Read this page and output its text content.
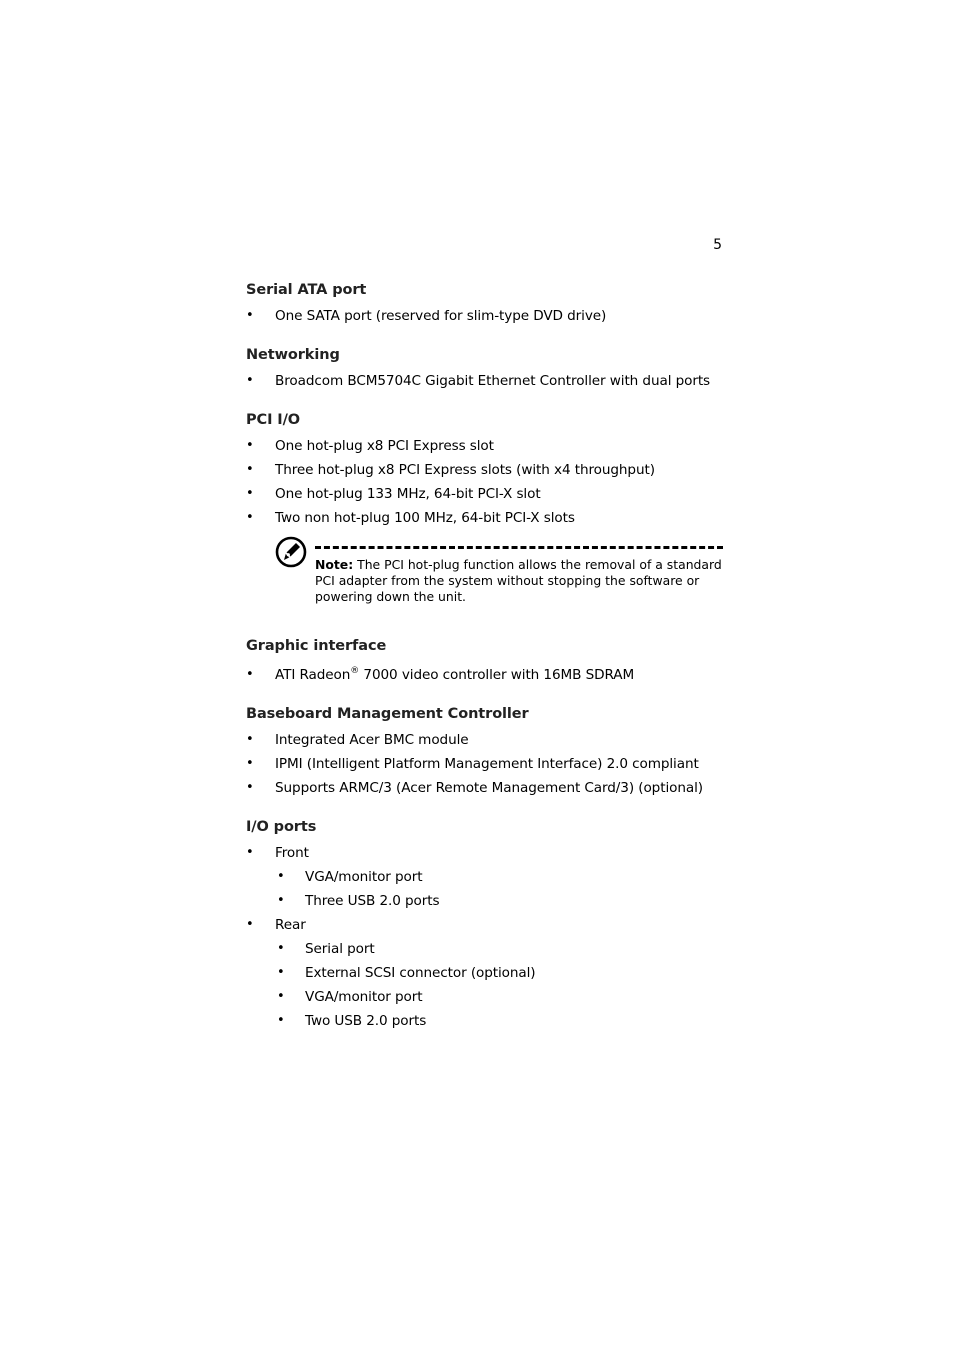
5
Serial ATA port
• One SATA port (reserved for slim-type DVD drive)
Networking
• Broadcom BCM5704C Gigabit Ethernet Controller with dual ports
PCI I/O
• One hot-plug x8 PCI Express slot
• Three hot-plug x8 PCI Express slots (with x4 throughput)
• One hot-plug 133 MHz, 64-bit PCI-X slot
• Two non hot-plug 100 MHz, 64-bit PCI-X slots
Note: The PCI hot-plug function allows the removal of a standard PCI adapter from the system without stopping the software or powering down the unit.
Graphic interface
• ATI Radeon® 7000 video controller with 16MB SDRAM
Baseboard Management Controller
• Integrated Acer BMC module
• IPMI (Intelligent Platform Management Interface) 2.0 compliant
• Supports ARMC/3 (Acer Remote Management Card/3) (optional)
I/O ports
• Front
• VGA/monitor port
• Three USB 2.0 ports
• Rear
• Serial port
• External SCSI connector (optional)
• VGA/monitor port
• Two USB 2.0 ports
